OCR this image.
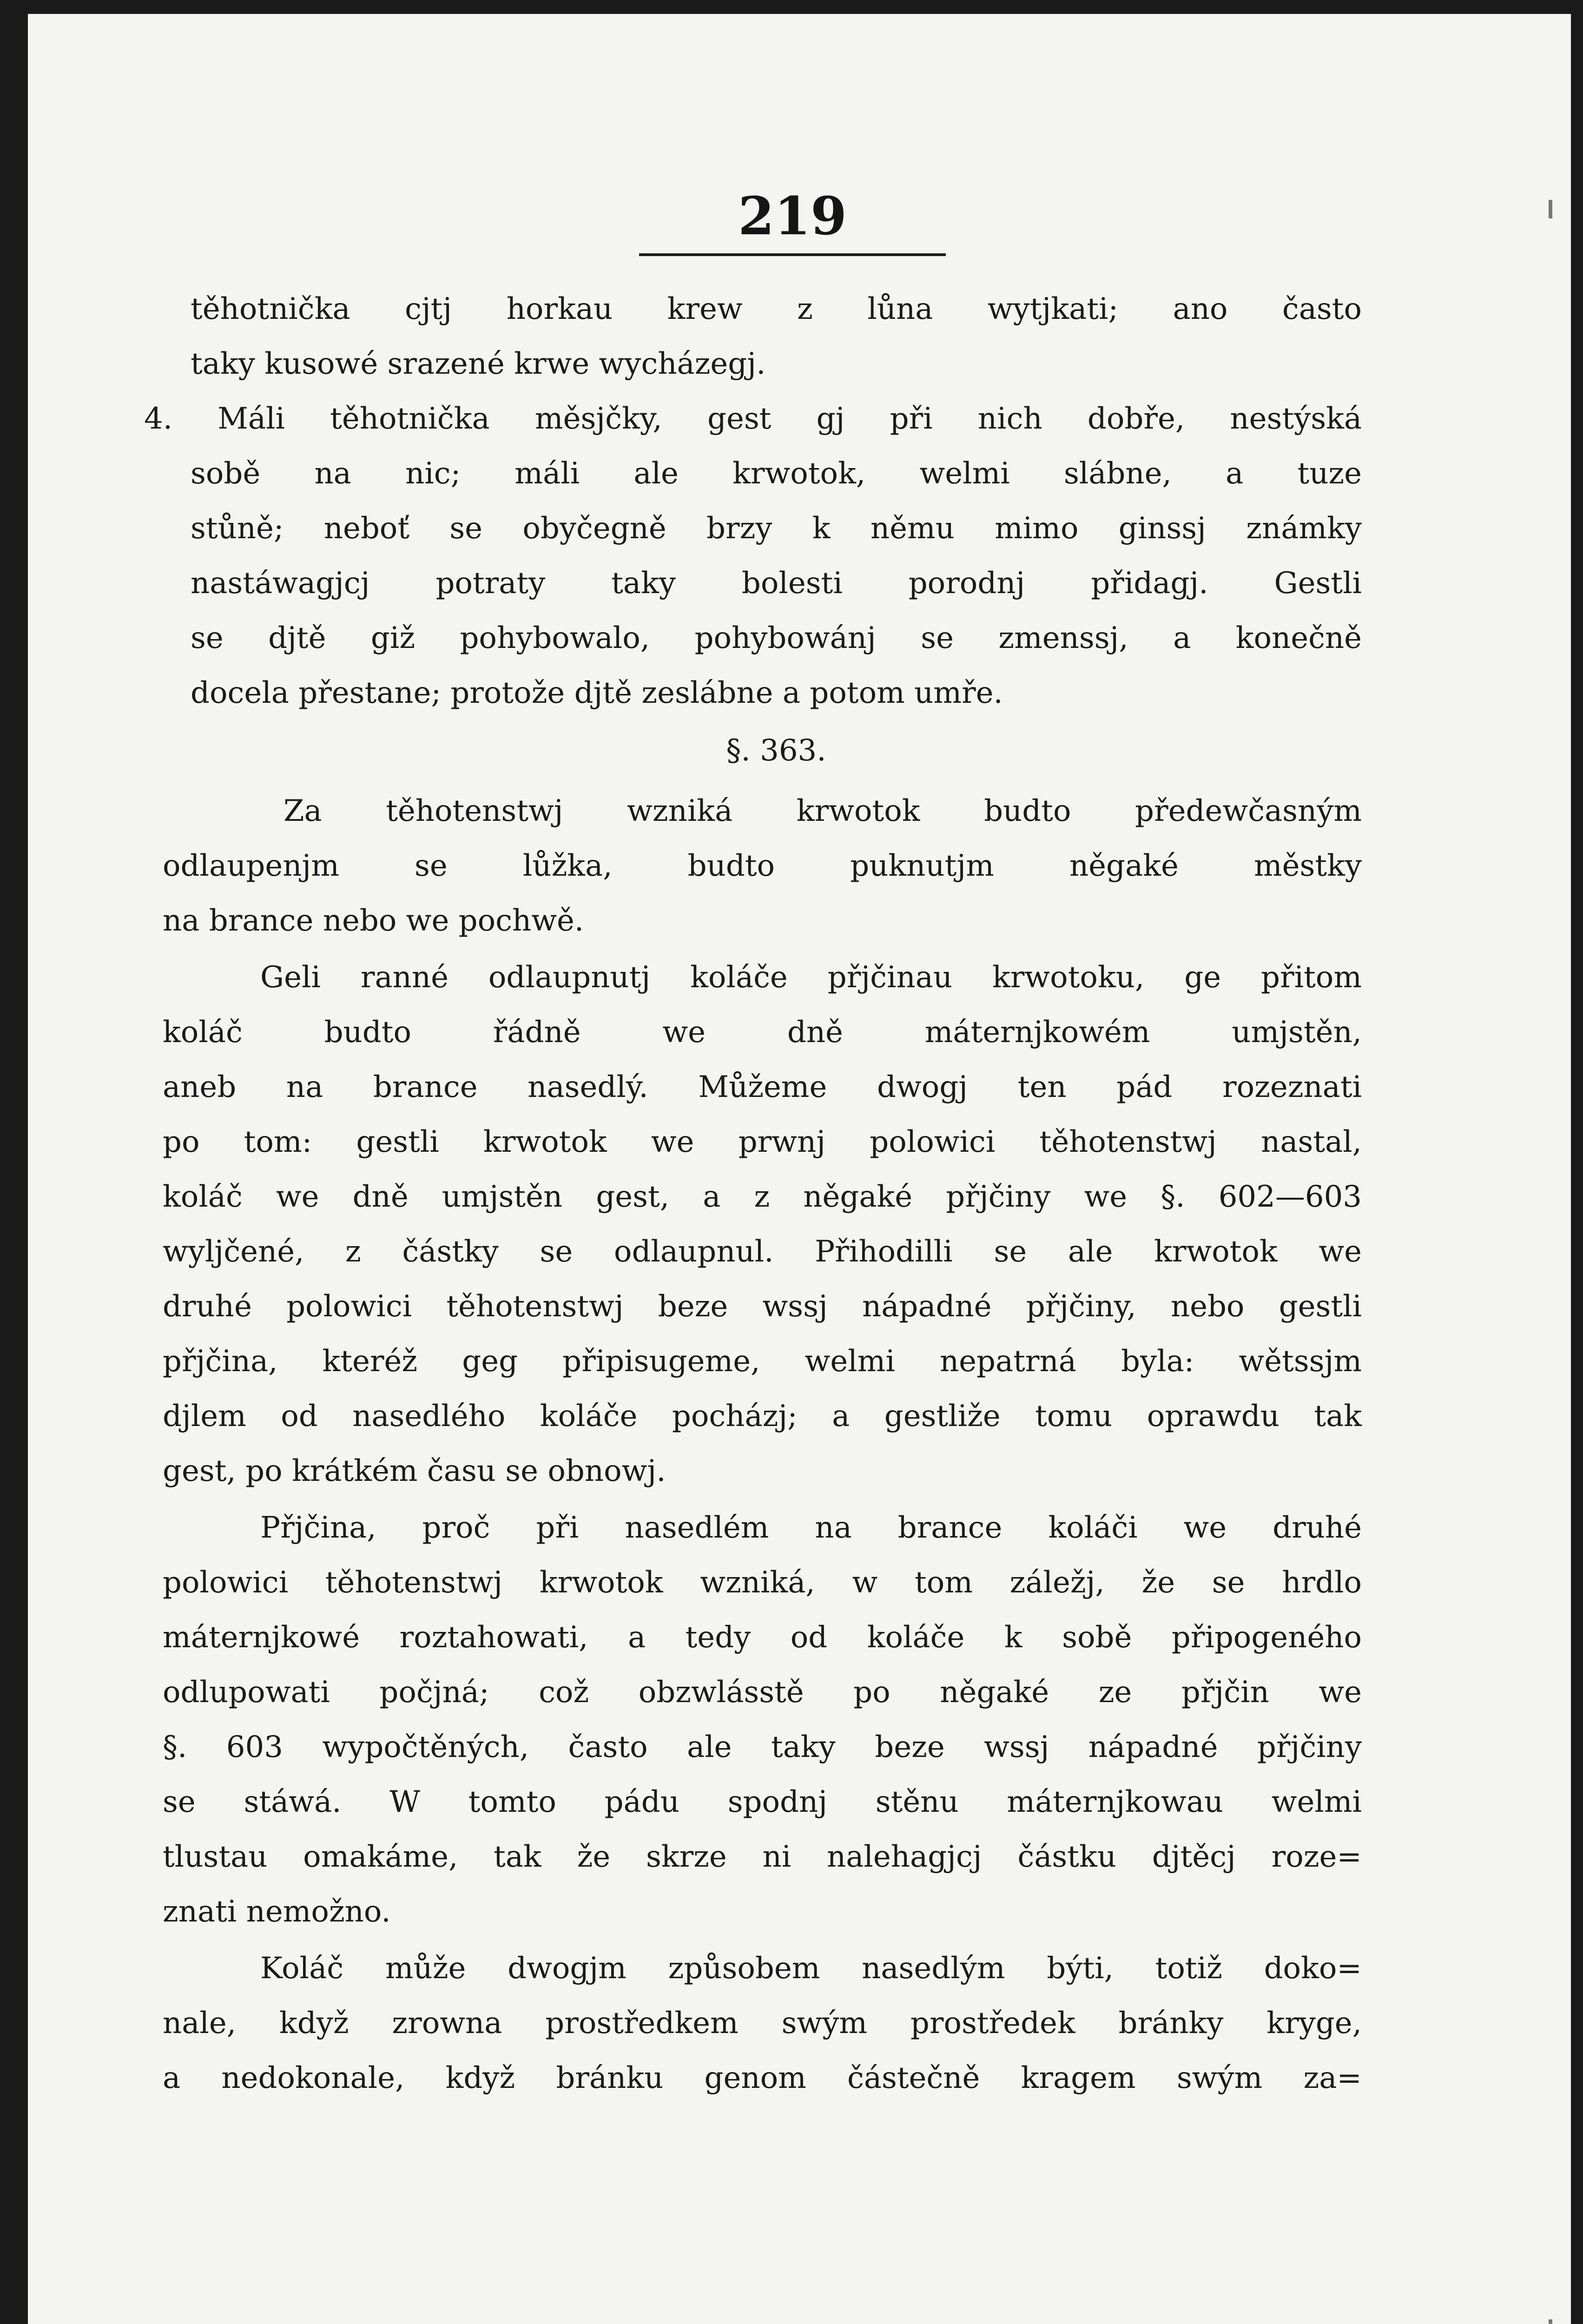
219
těhotnička cjtj horkau krew z lůna wytjkati; ano často
taky kusowé srazené krwe wycházegj.
4. Máli těhotnička měsjčky, gest gj při nich dobře, nestýská
sobě na nic; máli ale krwotok, welmi slábne, a tuze
stůně; neboť se obyčegně brzy k němu mimo ginssj známky
nastáwagjcj potraty taky bolesti porodnj přidagj. Gestli
se djtě giž pohybowalo, pohybowánj se zmenssj, a konečně
docela přestane; protože djtě zeslábne a potom umře.
§. 363.
Za těhotenstwj wzniká krwotok budto předewčasným
odlaupenjm se lůžka, budto puknutjm něgaké městky
na brance nebo we pochwě.
Geli ranné odlaupnutj koláče přjčinau krwotoku, ge přitom
koláč budto řádně we dně máternjkowém umjstěn,
aneb na brance nasedlý. Můžeme dwogj ten pád rozeznati
po tom: gestli krwotok we prwnj polowici těhotenstwj nastal,
koláč we dně umjstěn gest, a z něgaké přjčiny we §. 602—603
wyljčené, z částky se odlaupnul. Přihodilli se ale krwotok we
druhé polowici těhotenstwj beze wssj nápadné přjčiny, nebo gestli
přjčina, kteréž geg připisugeme, welmi nepatrná byla: wětssjm
djlem od nasedlého koláče pocházj; a gestliže tomu oprawdu tak
gest, po krátkém času se obnowj.
Přjčina, proč při nasedlém na brance koláči we druhé
polowici těhotenstwj krwotok wzniká, w tom záležj, že se hrdlo
máternjkowé roztahowati, a tedy od koláče k sobě připogeného
odlupowati počjná; což obzwlásstě po něgaké ze přjčin we
§. 603 wypočtěných, často ale taky beze wssj nápadné přjčiny
se stáwá. W tomto pádu spodnj stěnu máternjkowau welmi
tlustau omakáme, tak že skrze ni nalehagjcj částku djtěcj roze=
znati nemožno.
Koláč může dwogjm způsobem nasedlým býti, totiž doko=
nale, když zrowna prostředkem swým prostředek bránky kryge,
a nedokonale, když bránku genom částečně kragem swým za=
